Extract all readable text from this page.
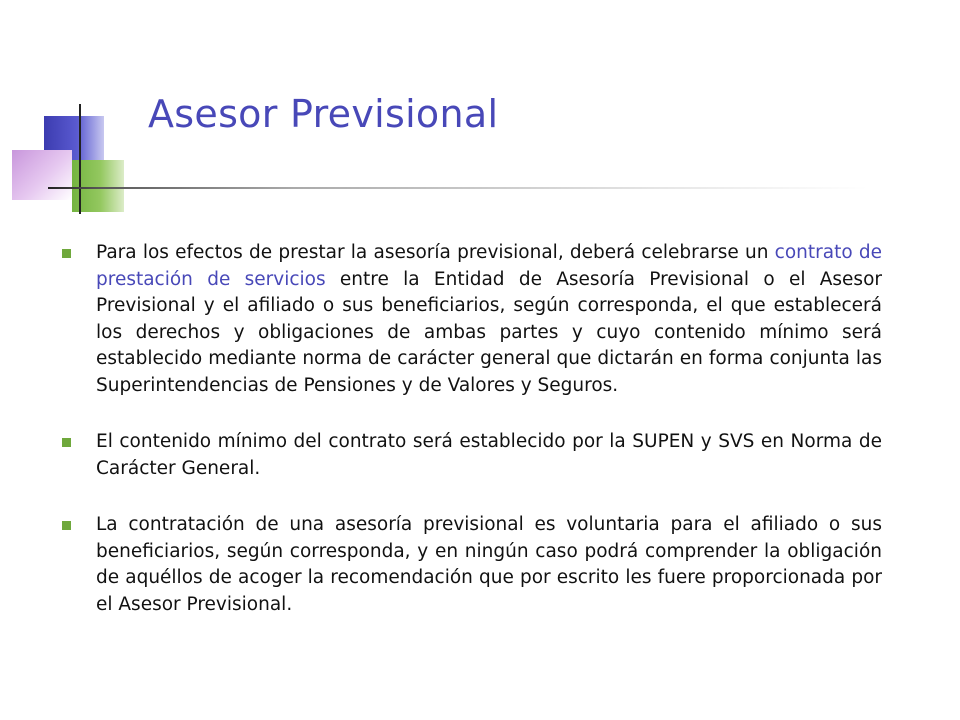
Asesor Previsional

Para los efectos de prestar la asesoría previsional, deberá celebrarse un contrato de prestación de servicios entre la Entidad de Asesoría Previsional o el Asesor Previsional y el afiliado o sus beneficiarios, según corresponda, el que establecerá los derechos y obligaciones de ambas partes y cuyo contenido mínimo será establecido mediante norma de carácter general que dictarán en forma conjunta las Superintendencias de Pensiones y de Valores y Seguros.

El contenido mínimo del contrato será establecido por la SUPEN y SVS en Norma de Carácter General.

La contratación de una asesoría previsional es voluntaria para el afiliado o sus beneficiarios, según corresponda, y en ningún caso podrá comprender la obligación de aquéllos de acoger la recomendación que por escrito les fuere proporcionada por el Asesor Previsional.
